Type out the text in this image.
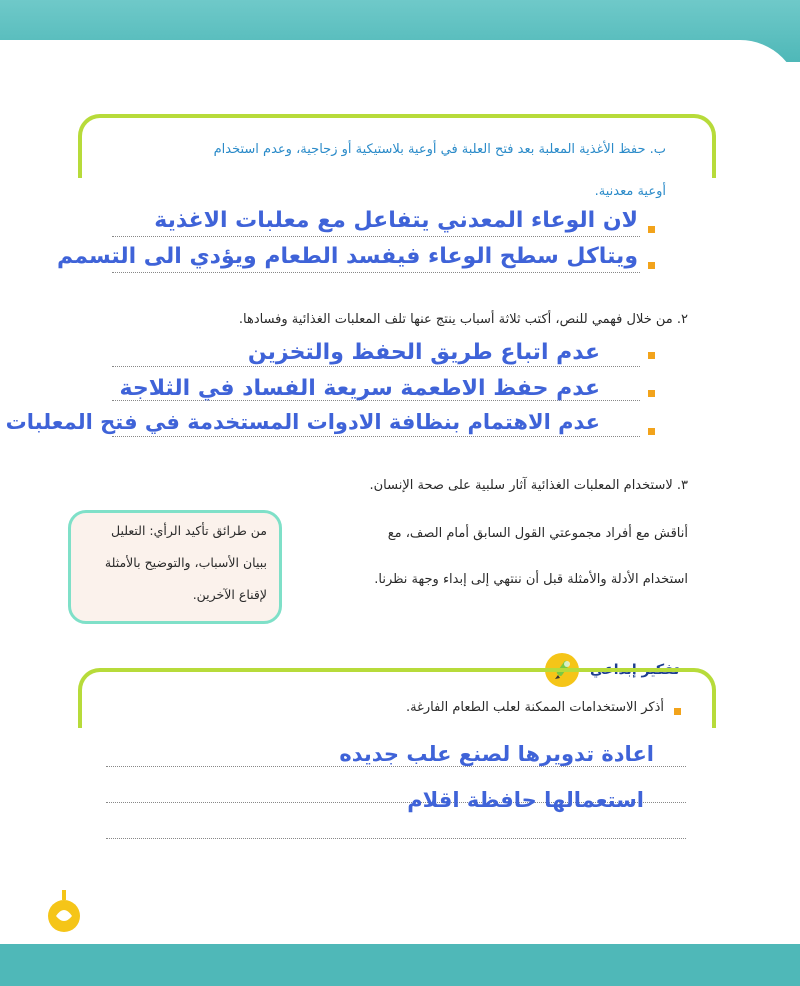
٤٦
ب. حفظ الأغذية المعلبة بعد فتح العلبة في أوعية بلاستيكية أو زجاجية، وعدم استخدام
أوعية معدنية.
لان الوعاء المعدني يتفاعل مع معلبات الاغذية
ويتاكل سطح الوعاء فيفسد الطعام ويؤدي الى التسمم
٢. من خلال فهمي للنص، أكتب ثلاثة أسباب ينتج عنها تلف المعلبات الغذائية وفسادها.
عدم اتباع طريق الحفظ والتخزين
عدم حفظ الاطعمة سريعة الفساد في الثلاجة
عدم الاهتمام بنظافة الادوات المستخدمة في فتح المعلبات
٣. لاستخدام المعلبات الغذائية آثار سلبية على صحة الإنسان.
أناقش مع أفراد مجموعتي القول السابق أمام الصف، مع
استخدام الأدلة والأمثلة قبل أن ننتهي إلى إبداء وجهة نظرنا.
من طرائق تأكيد الرأي: التعليل
ببيان الأسباب، والتوضيح بالأمثلة
لإقناع الآخرين.
تفكير إبداعي
أذكر الاستخدامات الممكنة لعلب الطعام الفارغة.
اعادة تدويرها لصنع علب جديده
استعمالها حافظة اقلام
